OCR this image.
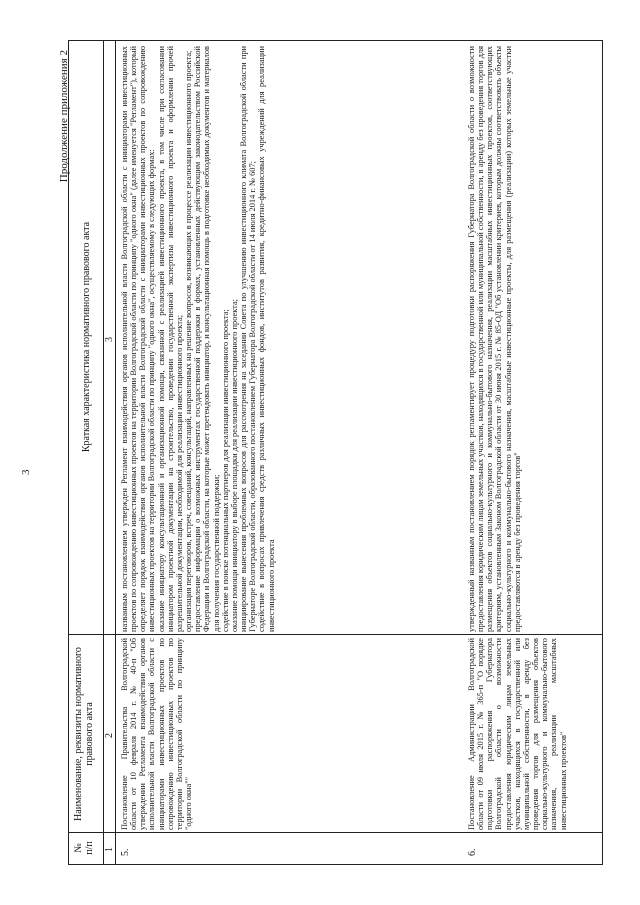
3
Продолжение приложения 2
№
п/п
Наименование, реквизиты нормативного
правового акта
Краткая характеристика нормативного правового акта
1
2
3
5.
Постановление Правительства Волгоградской области от 10 февраля 2014 г. № 40-п "Об утверждении Регламента взаимодействия органов исполнительной власти Волгоградской области с инициаторами инвестиционных проектов по сопровождению инвестиционных проектов по территории Волгоградской области по принципу "одного окна""
названным постановлением утвержден Регламент взаимодействия органов исполнительной власти Волгоградской области с инициаторами инвестиционных проектов по сопровождению инвестиционных проектов на территории Волгоградской области по принципу "одного окна" (далее именуется "Регламент"), который определяет порядок взаимодействия органов исполнительной власти Волгоградской области с инициаторами инвестиционных проектов по сопровождению инвестиционных проектов на территории Волгоградской области по принципу "одного окна", осуществляемому в следующих формах:
оказание инициатору консультационной и организационной помощи, связанной с реализацией инвестиционного проекта, в том числе при согласовании инициатором проектной документации на строительство, проведении государственной экспертизы инвестиционного проекта и оформлении прочей разрешительной документации, необходимой для реализации инвестиционного проекта;
организация переговоров, встреч, совещаний, консультаций, направленных на решение вопросов, возникающих в процессе реализации инвестиционного проекта;
предоставление информации о возможных инструментах государственной поддержки в формах, установленных действующим законодательством Российской Федерации и Волгоградской области, на которые может претендовать инициатор, и консультационная помощь в подготовке необходимых документов и материалов для получения государственной поддержки;
содействие в поиске потенциальных партнеров для реализации инвестиционного проекта;
оказание помощи инициатору в выборе площадки для реализации инвестиционного проекта;
инициирование вынесения проблемных вопросов для рассмотрения на заседании Совета по улучшению инвестиционного климата Волгоградской области при Губернаторе Волгоградской области, образованного постановлением Губернатора Волгоградской области от 14 июля 2014 г. № 607;
содействие в вопросах привлечения средств различных инвестиционных фондов, институтов развития, кредитно-финансовых учреждений для реализации инвестиционного проекта
6.
Постановление Администрации Волгоградской области от 09 июля 2015 г. № 365-п "О порядке подготовки распоряжения Губернатора Волгоградской области о возможности предоставления юридическим лицам земельных участков, находящихся в государственной или муниципальной собственности, в аренду без проведения торгов для размещения объектов социально-культурного и коммунально-бытового назначения, реализации масштабных инвестиционных проектов"
утвержденный названным постановлением порядок регламентирует процедуру подготовки распоряжения Губернатора Волгоградской области о возможности предоставления юридическим лицам земельных участков, находящихся в государственной или муниципальной собственности, в аренду без проведения торгов для размещения объектов социально-культурного и коммунально-бытового назначения, реализации масштабных инвестиционных проектов, соответствующих критериям, установленным Законом Волгоградской области от 30 июня 2015 г. № 85-ОД "Об установлении критериев, которым должны соответствовать объекты социально-культурного и коммунально-бытового назначения, масштабные инвестиционные проекты, для размещения (реализации) которых земельные участки предоставляются в аренду без проведения торгов"
